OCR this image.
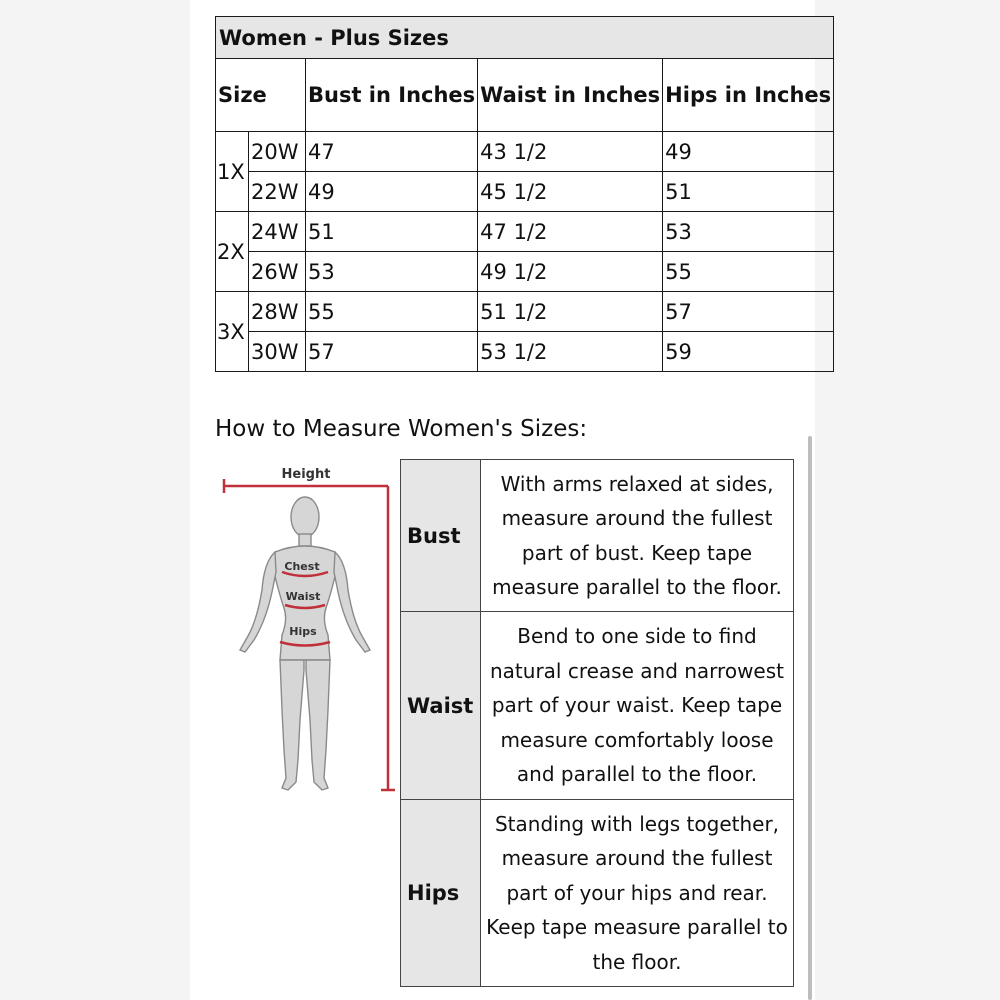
Women - Plus Sizes				
Size		Bust in Inches	Waist in Inches	Hips in Inches
1X	20W	47	43 1/2	49
	22W	49	45 1/2	51
2X	24W	51	47 1/2	53
	26W	53	49 1/2	55
3X	28W	55	51 1/2	57
	30W	57	53 1/2	59
How to Measure Women's Sizes:
Height
Chest
Waist
Hips
Bust	With arms relaxed at sides, measure around the fullest part of bust. Keep tape measure parallel to the floor.
Waist	Bend to one side to find natural crease and narrowest part of your waist. Keep tape measure comfortably loose and parallel to the floor.
Hips	Standing with legs together, measure around the fullest part of your hips and rear. Keep tape measure parallel to the floor.
